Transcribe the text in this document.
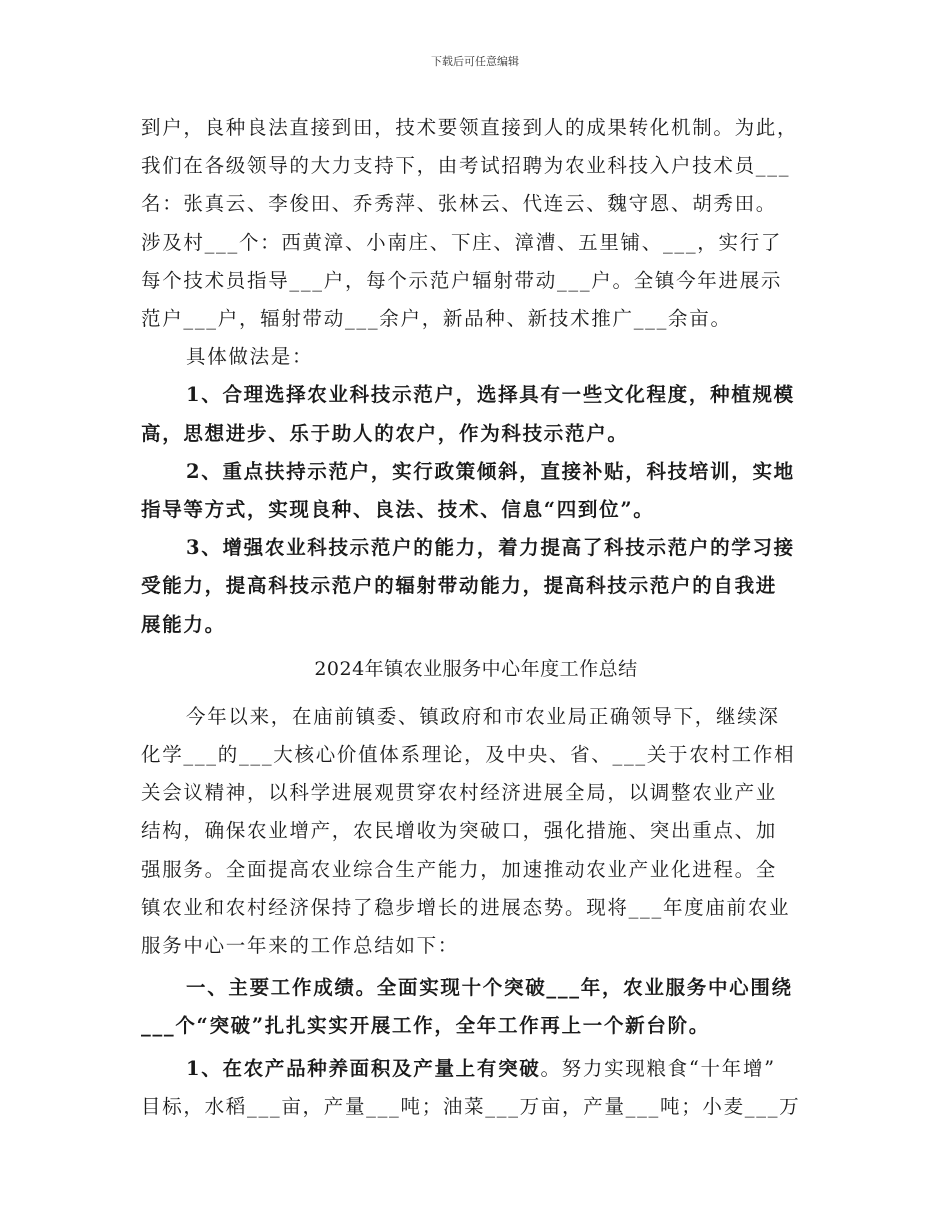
下载后可任意编辑
到户，良种良法直接到田，技术要领直接到人的成果转化机制。为此，
我们在各级领导的大力支持下，由考试招聘为农业科技入户技术员___
名：张真云、李俊田、乔秀萍、张林云、代连云、魏守恩、胡秀田。
涉及村___个：西黄漳、小南庄、下庄、漳漕、五里铺、___，实行了
每个技术员指导___户，每个示范户辐射带动___户。全镇今年进展示
范户___户，辐射带动___余户，新品种、新技术推广___余亩。
具体做法是：
1、合理选择农业科技示范户，选择具有一些文化程度，种植规模
高，思想进步、乐于助人的农户，作为科技示范户。
2、重点扶持示范户，实行政策倾斜，直接补贴，科技培训，实地
指导等方式，实现良种、良法、技术、信息“四到位”。
3、增强农业科技示范户的能力，着力提高了科技示范户的学习接
受能力，提高科技示范户的辐射带动能力，提高科技示范户的自我进
展能力。
2024年镇农业服务中心年度工作总结
今年以来，在庙前镇委、镇政府和市农业局正确领导下，继续深
化学___的___大核心价值体系理论，及中央、省、___关于农村工作相
关会议精神，以科学进展观贯穿农村经济进展全局，以调整农业产业
结构，确保农业增产，农民增收为突破口，强化措施、突出重点、加
强服务。全面提高农业综合生产能力，加速推动农业产业化进程。全
镇农业和农村经济保持了稳步增长的进展态势。现将___年度庙前农业
服务中心一年来的工作总结如下：
一、主要工作成绩。全面实现十个突破___年，农业服务中心围绕
___个“突破”扎扎实实开展工作，全年工作再上一个新台阶。
1、在农产品种养面积及产量上有突破。努力实现粮食“十年增”
目标，水稻___亩，产量___吨；油菜___万亩，产量___吨；小麦___万
